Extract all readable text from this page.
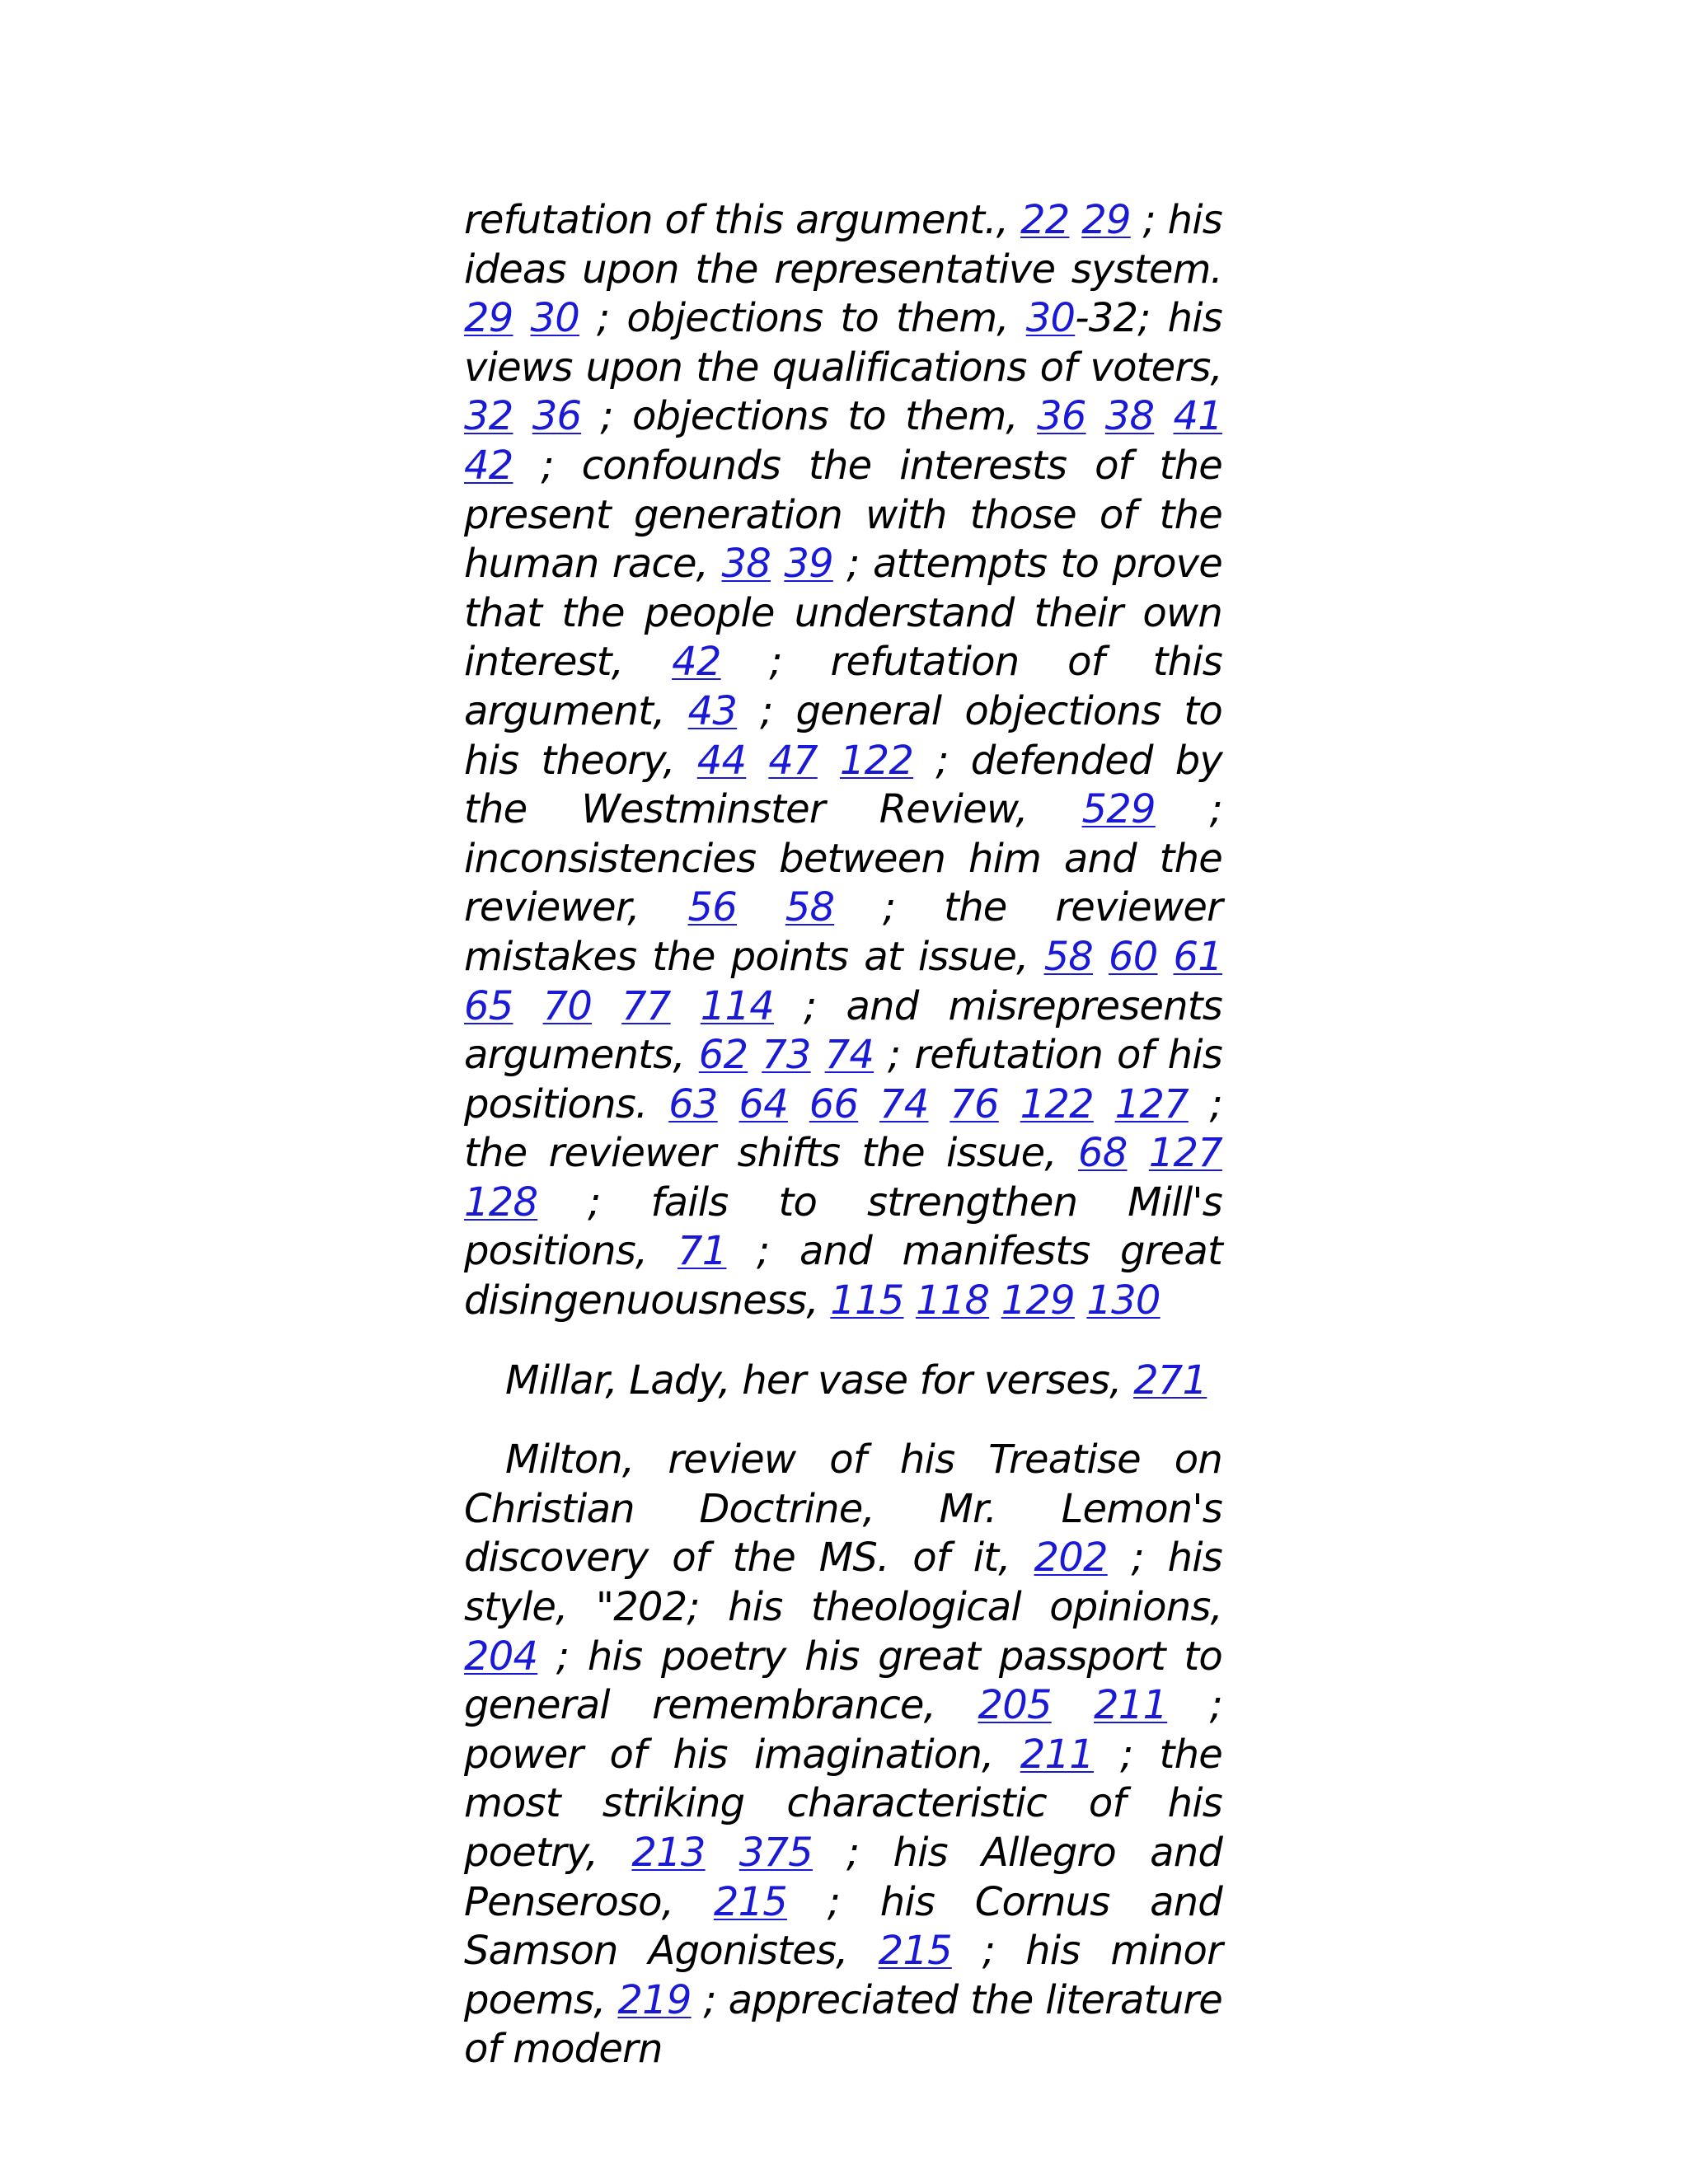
refutation of this argument., 22 29 ; his ideas upon the representative system. 29 30 ; objections to them, 30-32; his views upon the qualifications of voters, 32 36 ; objections to them, 36 38 41 42 ; confounds the interests of the present generation with those of the human race, 38 39 ; attempts to prove that the people understand their own interest, 42 ; refutation of this argument, 43 ; general objections to his theory, 44 47 122 ; defended by the Westminster Review, 529 ; inconsistencies between him and the reviewer, 56 58 ; the reviewer mistakes the points at issue, 58 60 61 65 70 77 114 ; and misrepresents arguments, 62 73 74 ; refutation of his positions. 63 64 66 74 76 122 127 ; the reviewer shifts the issue, 68 127 128 ; fails to strengthen Mill's positions, 71 ; and manifests great disingenuousness, 115 118 129 130

Millar, Lady, her vase for verses, 271

Milton, review of his Treatise on Christian Doctrine, Mr. Lemon's discovery of the MS. of it, 202 ; his style, "202; his theological opinions, 204 ; his poetry his great passport to general remembrance, 205 211 ; power of his imagination, 211 ; the most striking characteristic of his poetry, 213 375 ; his Allegro and Penseroso, 215 ; his Cornus and Samson Agonistes, 215 ; his minor poems, 219 ; appreciated the literature of modern
